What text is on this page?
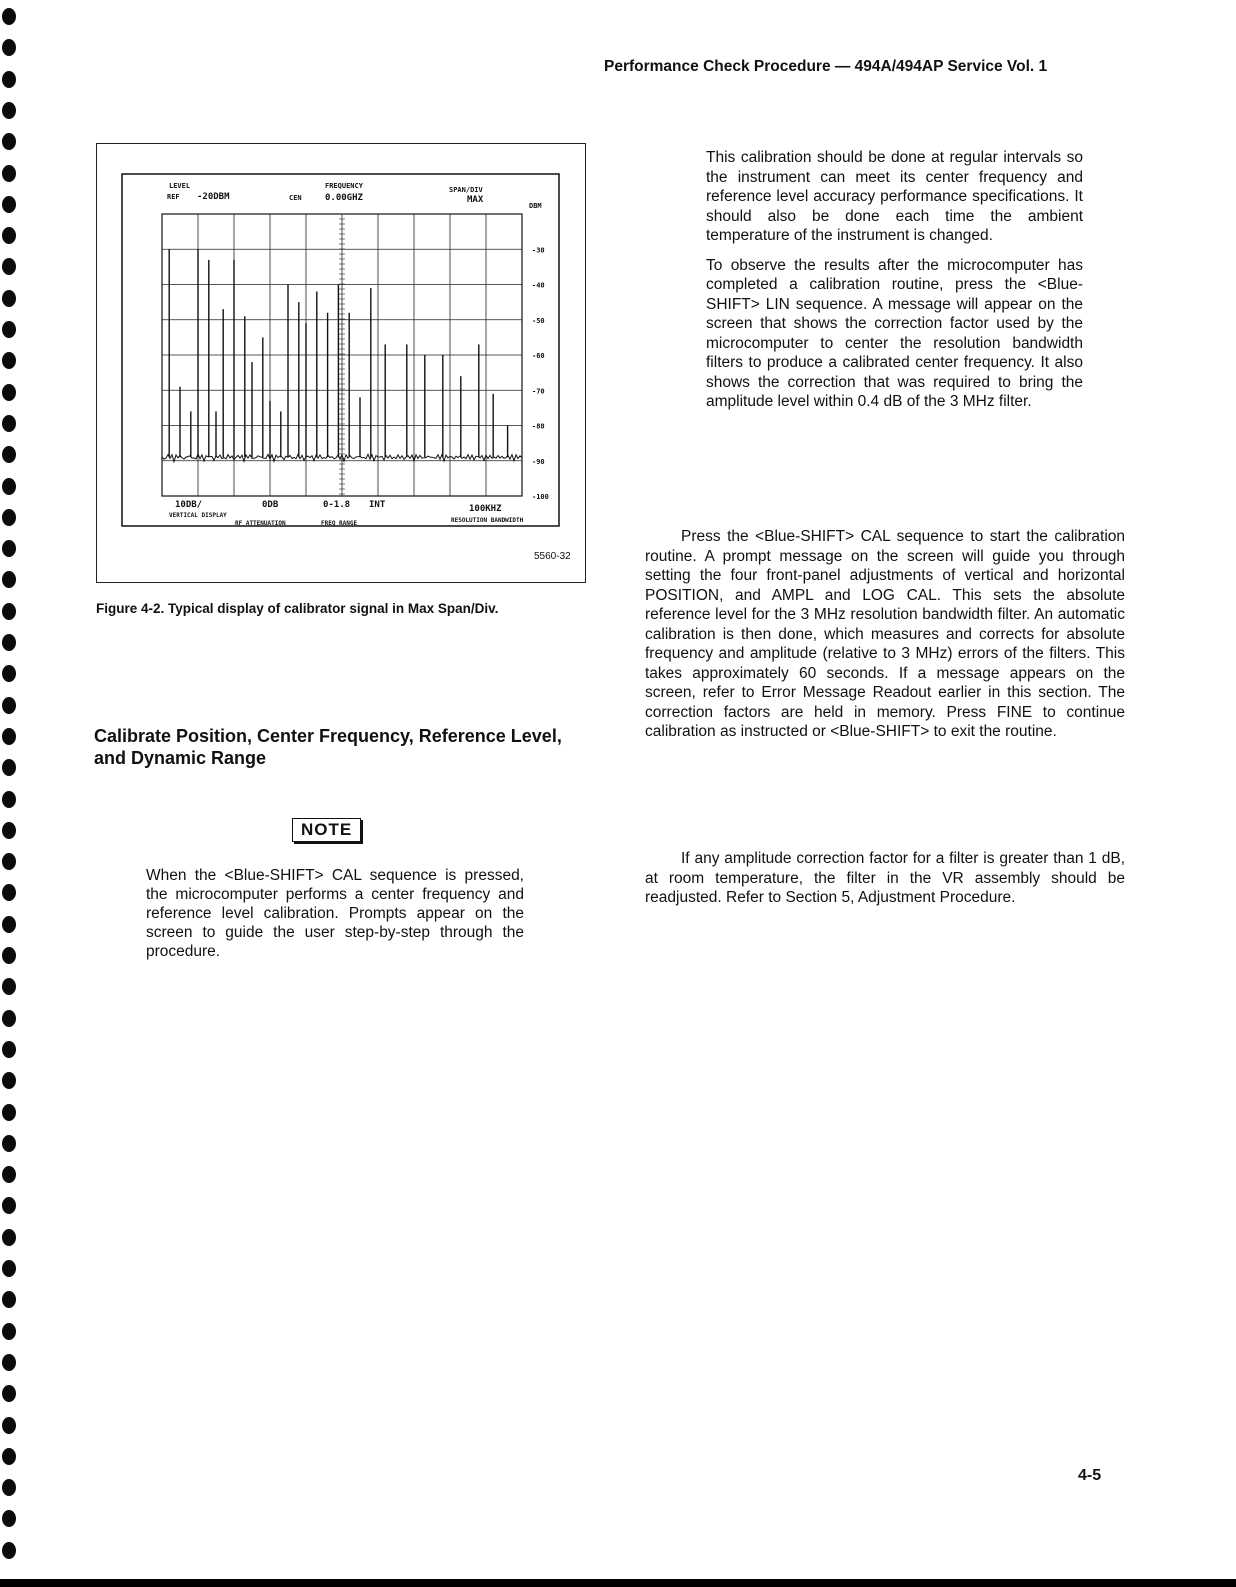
Performance Check Procedure — 494A/494AP Service Vol. 1
LEVEL
REF -20DBM
FREQUENCY
CEN	0.00GHZ
SPAN/DIV
MAX
DBM
10DB/
VERTICAL DISPLAY
0DB
RF ATTENUATION
0-1.8
FREQ RANGE
INT	100KHZ
RESOLUTION BANDWIDTH
5560-32
-30
-40
-50
-60
-70
-80
-90
-100
Figure 4-2. Typical display of calibrator signal in Max Span/Div.
Calibrate Position, Center Frequency, Reference Level, and Dynamic Range
NOTE
When the <Blue-SHIFT> CAL sequence is pressed, the microcomputer performs a center frequency and reference level calibration. Prompts appear on the screen to guide the user step-by-step through the procedure.

This calibration should be done at regular intervals so the instrument can meet its center frequency and reference level accuracy performance specifications. It should also be done each time the ambient temperature of the instrument is changed.

To observe the results after the microcomputer has completed a calibration routine, press the <Blue-SHIFT> LIN sequence. A message will appear on the screen that shows the correction factor used by the microcomputer to center the resolution bandwidth filters to produce a calibrated center frequency. It also shows the correction that was required to bring the amplitude level within 0.4 dB of the 3 MHz filter.

Press the <Blue-SHIFT> CAL sequence to start the calibration routine. A prompt message on the screen will guide you through setting the four front-panel adjustments of vertical and horizontal POSITION, and AMPL and LOG CAL. This sets the absolute reference level for the 3 MHz resolution bandwidth filter. An automatic calibration is then done, which measures and corrects for absolute frequency and amplitude (relative to 3 MHz) errors of the filters. This takes approximately 60 seconds. If a message appears on the screen, refer to Error Message Readout earlier in this section. The correction factors are held in memory. Press FINE to continue calibration as instructed or <Blue-SHIFT> to exit the routine.
If any amplitude correction factor for a filter is greater than 1 dB, at room temperature, the filter in the VR assembly should be readjusted. Refer to Section 5, Adjustment Procedure.
4-5
